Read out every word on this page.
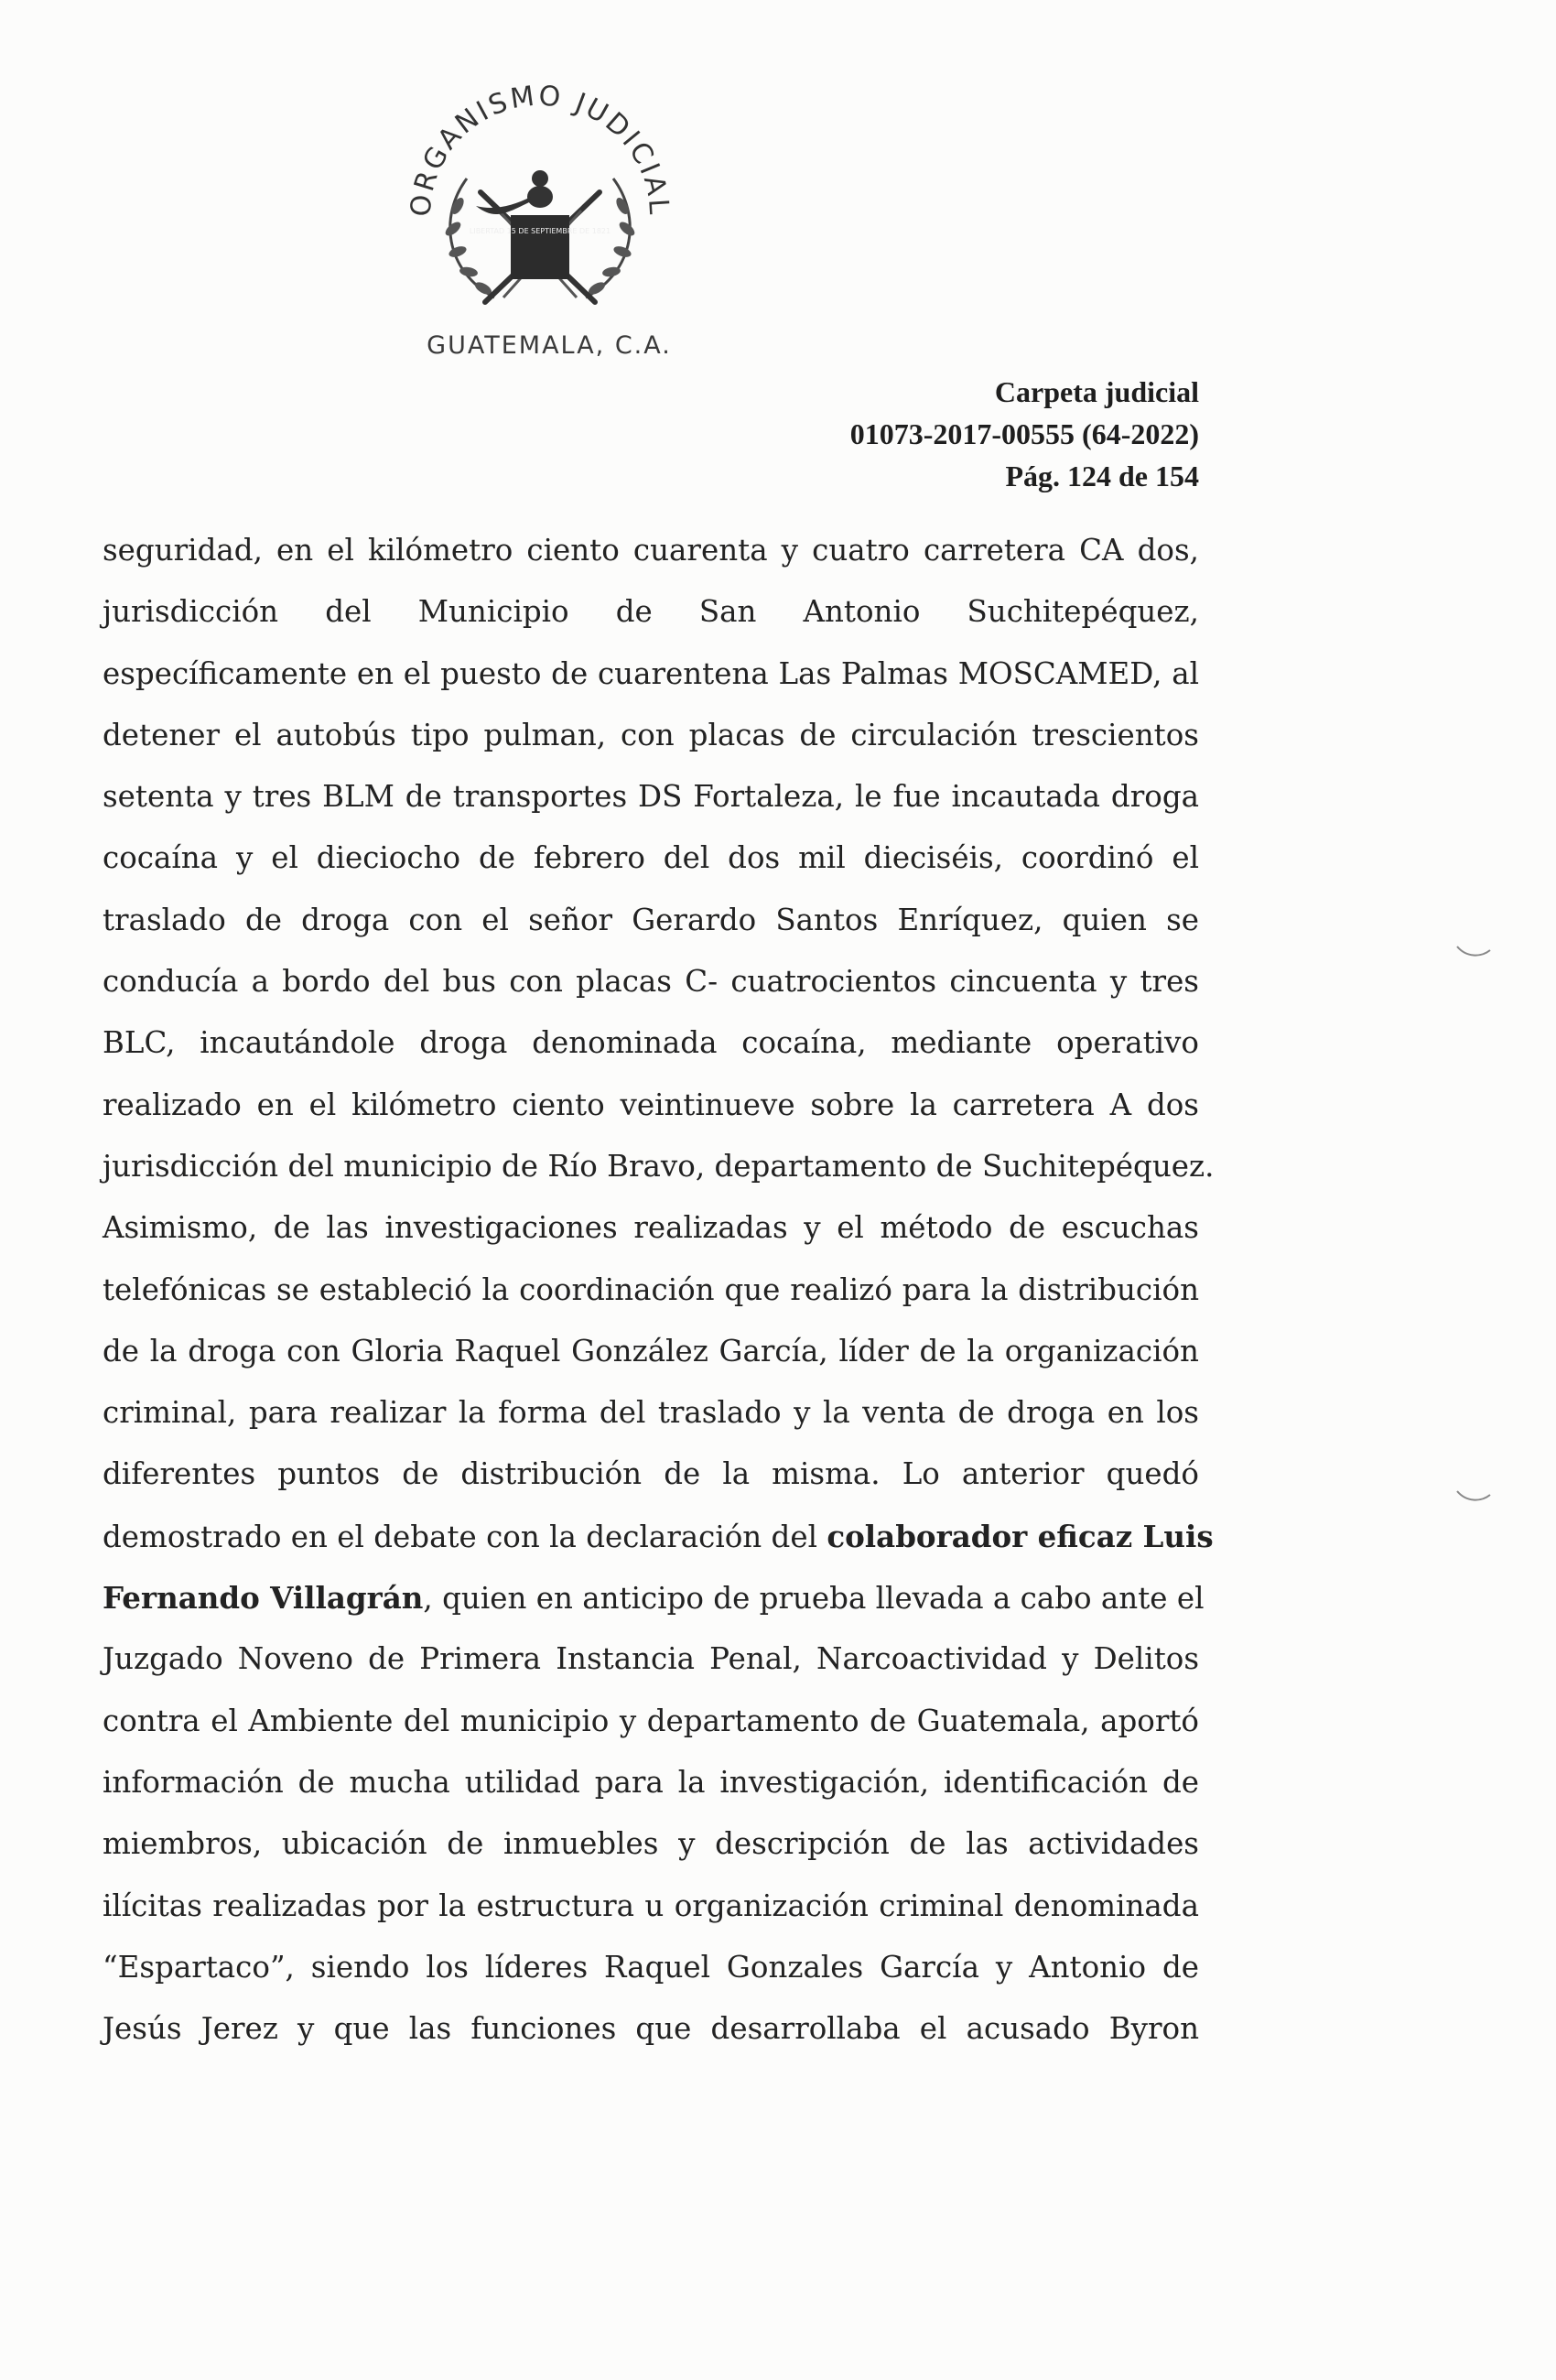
ORGANISMO JUDICIAL
LIBERTAD 15 DE SEPTIEMBRE DE 1821
GUATEMALA, C.A.
Carpeta judicial
01073-2017-00555 (64-2022)
Pág. 124 de 154
seguridad, en el kilómetro ciento cuarenta y cuatro carretera CA dos,
jurisdicción del Municipio de San Antonio Suchitepéquez,
específicamente en el puesto de cuarentena Las Palmas MOSCAMED, al
detener el autobús tipo pulman, con placas de circulación trescientos
setenta y tres BLM de transportes DS Fortaleza, le fue incautada droga
cocaína y el dieciocho de febrero del dos mil dieciséis, coordinó el
traslado de droga con el señor Gerardo Santos Enríquez, quien se
conducía a bordo del bus con placas C- cuatrocientos cincuenta y tres
BLC, incautándole droga denominada cocaína, mediante operativo
realizado en el kilómetro ciento veintinueve sobre la carretera A dos
jurisdicción del municipio de Río Bravo, departamento de Suchitepéquez.
Asimismo, de las investigaciones realizadas y el método de escuchas
telefónicas se estableció la coordinación que realizó para la distribución
de la droga con Gloria Raquel González García, líder de la organización
criminal, para realizar la forma del traslado y la venta de droga en los
diferentes puntos de distribución de la misma. Lo anterior quedó
demostrado en el debate con la declaración del colaborador eficaz Luis
Fernando Villagrán, quien en anticipo de prueba llevada a cabo ante el
Juzgado Noveno de Primera Instancia Penal, Narcoactividad y Delitos
contra el Ambiente del municipio y departamento de Guatemala, aportó
información de mucha utilidad para la investigación, identificación de
miembros, ubicación de inmuebles y descripción de las actividades
ilícitas realizadas por la estructura u organización criminal denominada
“Espartaco”, siendo los líderes Raquel Gonzales García y Antonio de
Jesús Jerez y que las funciones que desarrollaba el acusado Byron
